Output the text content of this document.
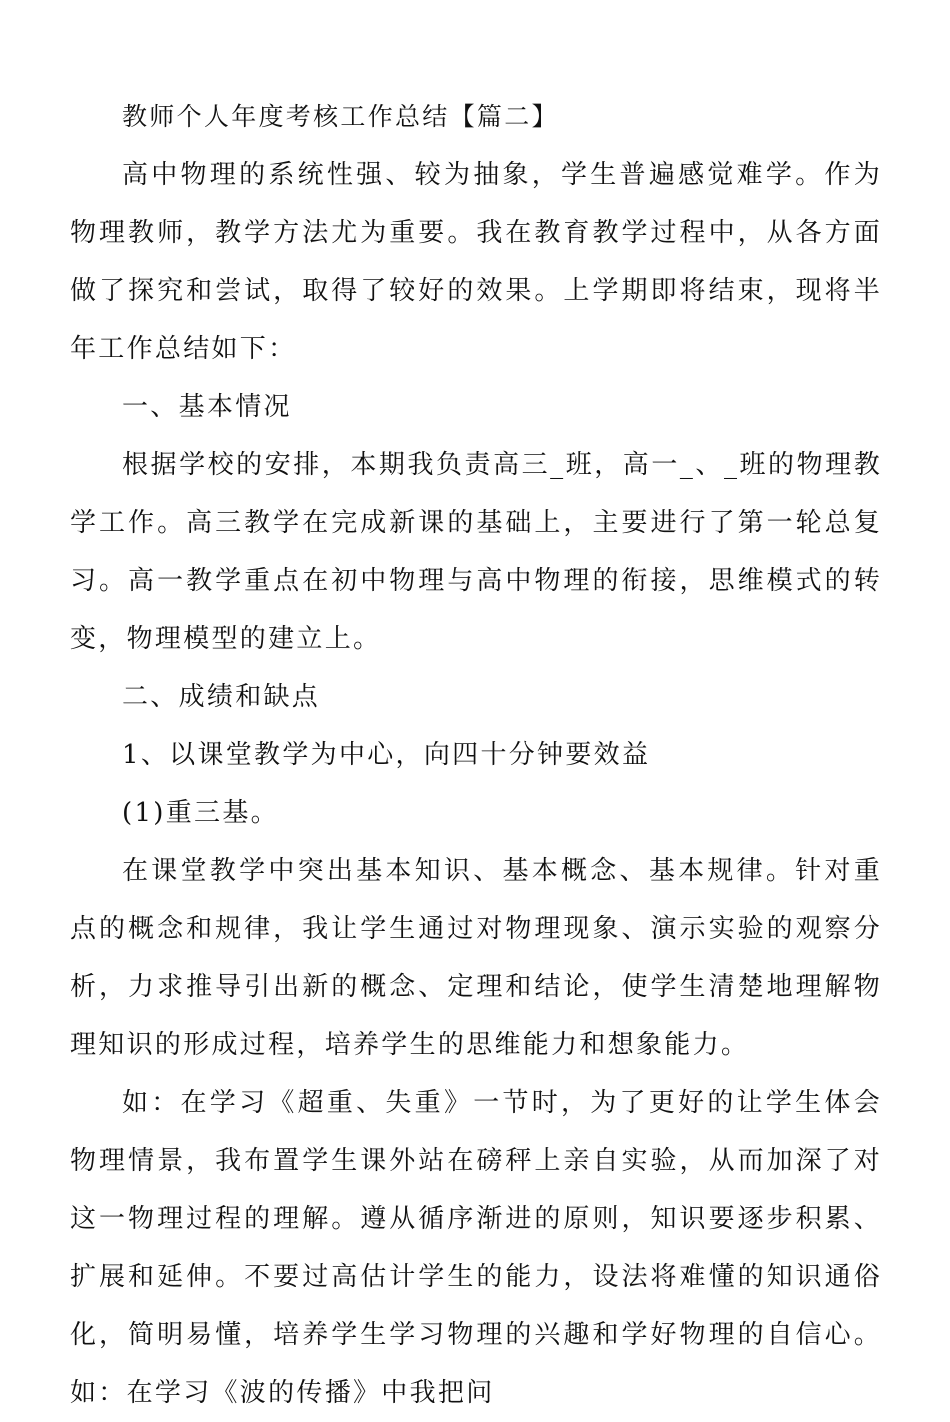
教师个人年度考核工作总结【篇二】

高中物理的系统性强、较为抽象，学生普遍感觉难学。作为物理教师，教学方法尤为重要。我在教育教学过程中，从各方面做了探究和尝试，取得了较好的效果。上学期即将结束，现将半年工作总结如下：

一、基本情况

根据学校的安排，本期我负责高三_班，高一_、_班的物理教学工作。高三教学在完成新课的基础上，主要进行了第一轮总复习。高一教学重点在初中物理与高中物理的衔接，思维模式的转变，物理模型的建立上。

二、成绩和缺点

1、以课堂教学为中心，向四十分钟要效益

(1)重三基。

在课堂教学中突出基本知识、基本概念、基本规律。针对重点的概念和规律，我让学生通过对物理现象、演示实验的观察分析，力求推导引出新的概念、定理和结论，使学生清楚地理解物理知识的形成过程，培养学生的思维能力和想象能力。

如：在学习《超重、失重》一节时，为了更好的让学生体会物理情景，我布置学生课外站在磅秤上亲自实验，从而加深了对这一物理过程的理解。遵从循序渐进的原则，知识要逐步积累、扩展和延伸。不要过高估计学生的能力，设法将难懂的知识通俗化，简明易懂，培养学生学习物理的兴趣和学好物理的自信心。如：在学习《波的传播》中我把问
